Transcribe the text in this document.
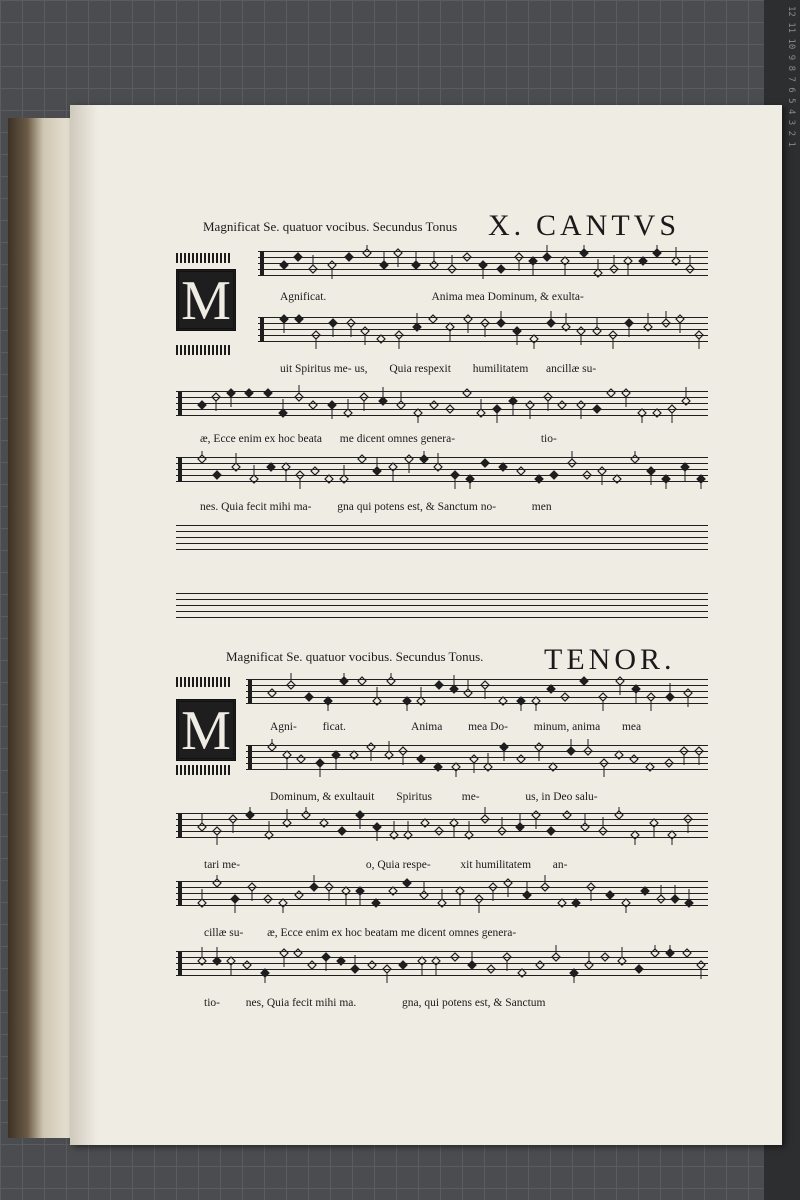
12 11 10 9 8 7 6 5 4 3 2 1
Magnificat Se. quatuor vocibus. Secundus Tonus X. CANTVS
M	Agnificat.	Anima mea Dominum, & exulta-
uit Spiritus me- us, Quia respexit humilitatem ancillæ su-
æ, Ecce enim ex hoc beata me dicent omnes genera-	tio-
nes. Quia fecit mihi ma- gna qui potens est, & Sanctum no-	men
Magnificat Se. quatuor vocibus. Secundus Tonus. TENOR.
M	Agni- ficat.	Anima mea Do- minum, anima mea
Dominum, & exultauit Spiritus	me-	us, in Deo salu-
tari me-	o, Quia respe-	xit humilitatem an-
cillæ su- æ, Ecce enim ex hoc beatam me dicent omnes genera-
tio- nes, Quia fecit mihi ma.	gna, qui potens est, & Sanctum
